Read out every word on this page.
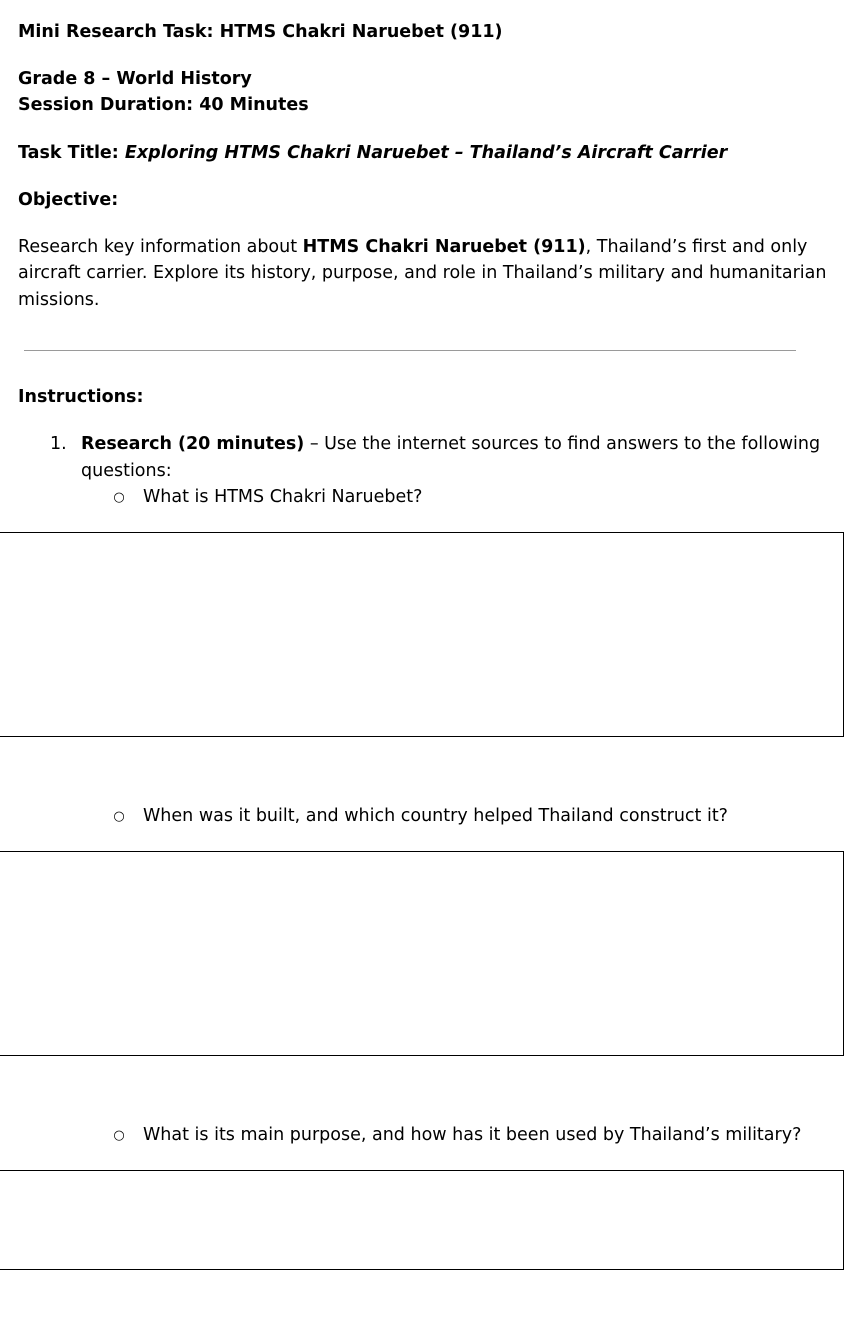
Mini Research Task: HTMS Chakri Naruebet (911)
Grade 8 – World History
Session Duration: 40 Minutes
Task Title: Exploring HTMS Chakri Naruebet – Thailand’s Aircraft Carrier
Objective:
Research key information about HTMS Chakri Naruebet (911), Thailand’s first and only
aircraft carrier. Explore its history, purpose, and role in Thailand’s military and humanitarian
missions.
Instructions:
1. Research (20 minutes) – Use the internet sources to find answers to the following
questions:
○ What is HTMS Chakri Naruebet?
○ When was it built, and which country helped Thailand construct it?
○ What is its main purpose, and how has it been used by Thailand’s military?
